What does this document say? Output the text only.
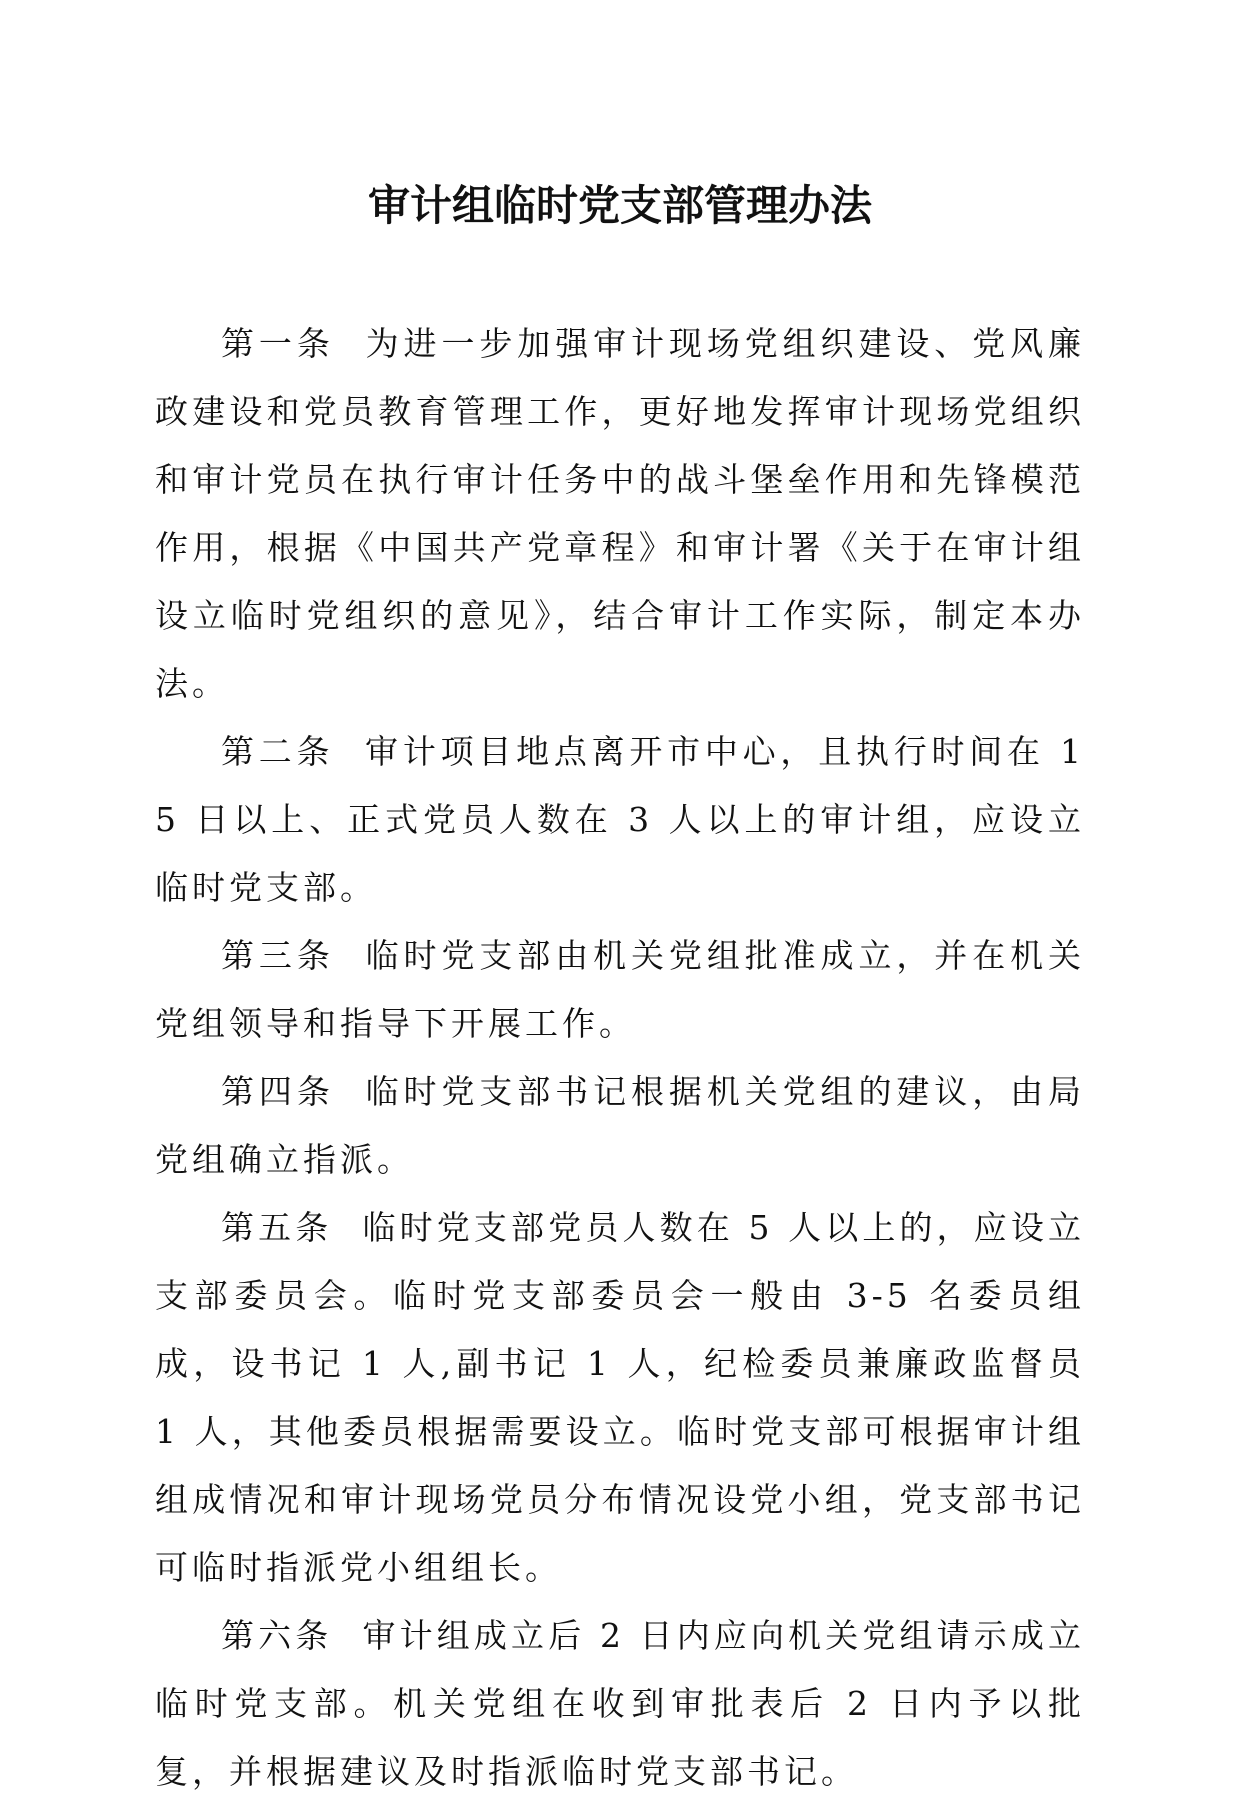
审计组临时党支部管理办法

第一条 为进一步加强审计现场党组织建设、党风廉政建设和党员教育管理工作，更好地发挥审计现场党组织和审计党员在执行审计任务中的战斗堡垒作用和先锋模范作用，根据《中国共产党章程》和审计署《关于在审计组设立临时党组织的意见》，结合审计工作实际，制定本办法。

第二条 审计项目地点离开市中心，且执行时间在 15 日以上、正式党员人数在 3 人以上的审计组，应设立临时党支部。

第三条 临时党支部由机关党组批准成立，并在机关党组领导和指导下开展工作。

第四条 临时党支部书记根据机关党组的建议，由局党组确立指派。

第五条 临时党支部党员人数在 5 人以上的，应设立支部委员会。临时党支部委员会一般由 3-5 名委员组成，设书记 1 人,副书记 1 人，纪检委员兼廉政监督员 1 人，其他委员根据需要设立。临时党支部可根据审计组组成情况和审计现场党员分布情况设党小组，党支部书记可临时指派党小组组长。

第六条 审计组成立后 2 日内应向机关党组请示成立临时党支部。机关党组在收到审批表后 2 日内予以批复，并根据建议及时指派临时党支部书记。
